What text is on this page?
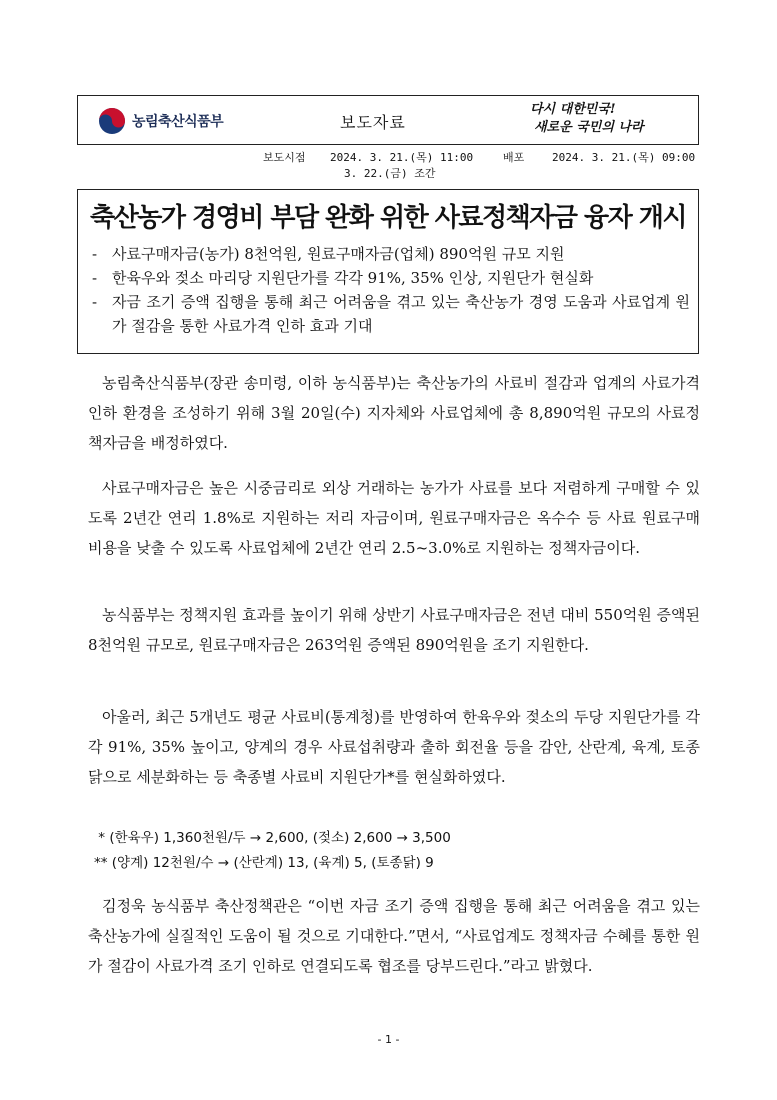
농림축산식품부	보도자료
다시 대한민국!
새로운 국민의 나라
보도시점 2024. 3. 21.(목) 11:00
3. 22.(금) 조간
배포	2024. 3. 21.(목) 09:00
축산농가 경영비 부담 완화 위한 사료정책자금 융자 개시
- 사료구매자금(농가) 8천억원, 원료구매자금(업체) 890억원 규모 지원
- 한육우와 젖소 마리당 지원단가를 각각 91%, 35% 인상, 지원단가 현실화
- 자금 조기 증액 집행을 통해 최근 어려움을 겪고 있는 축산농가 경영 도움과 사료업계 원가 절감을 통한 사료가격 인하 효과 기대

농림축산식품부(장관 송미령, 이하 농식품부)는 축산농가의 사료비 절감과 업계의 사료가격 인하 환경을 조성하기 위해 3월 20일(수) 지자체와 사료업체에 총 8,890억원 규모의 사료정책자금을 배정하였다.

사료구매자금은 높은 시중금리로 외상 거래하는 농가가 사료를 보다 저렴하게 구매할 수 있도록 2년간 연리 1.8%로 지원하는 저리 자금이며, 원료구매자금은 옥수수 등 사료 원료구매 비용을 낮출 수 있도록 사료업체에 2년간 연리 2.5~3.0%로 지원하는 정책자금이다.

농식품부는 정책지원 효과를 높이기 위해 상반기 사료구매자금은 전년 대비 550억원 증액된 8천억원 규모로, 원료구매자금은 263억원 증액된 890억원을 조기 지원한다.

아울러, 최근 5개년도 평균 사료비(통계청)를 반영하여 한육우와 젖소의 두당 지원단가를 각각 91%, 35% 높이고, 양계의 경우 사료섭취량과 출하 회전율 등을 감안, 산란계, 육계, 토종닭으로 세분화하는 등 축종별 사료비 지원단가*를 현실화하였다.

* (한육우) 1,360천원/두 → 2,600, (젖소) 2,600 → 3,500
** (양계) 12천원/수 → (산란계) 13, (육계) 5, (토종닭) 9

김정욱 농식품부 축산정책관은 “이번 자금 조기 증액 집행을 통해 최근 어려움을 겪고 있는 축산농가에 실질적인 도움이 될 것으로 기대한다.”면서, “사료업계도 정책자금 수혜를 통한 원가 절감이 사료가격 조기 인하로 연결되도록 협조를 당부드린다.”라고 밝혔다.

- 1 -
